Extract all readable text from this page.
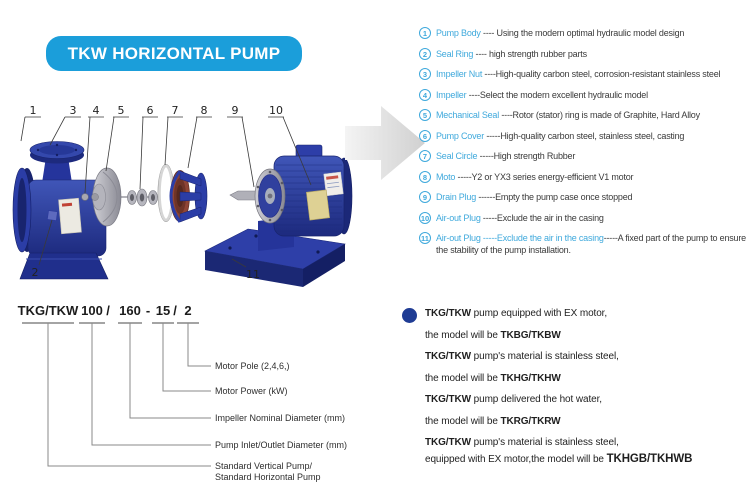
TKW HORIZONTAL PUMP
1	3 4 5 6 7 8 9	10
2	11
1 Pump Body ---- Using the modern optimal hydraulic model design
2 Seal Ring ---- high strength rubber parts
3 Impeller Nut ----High-quality carbon steel, corrosion-resistant stainless steel
4 Impeller ----Select the modern excellent hydraulic model
5 Mechanical Seal ----Rotor (stator) ring is made of Graphite, Hard Alloy
6 Pump Cover -----High-quality carbon steel, stainless steel, casting
7 Seal Circle -----High strength Rubber
8 Moto -----Y2 or YX3 series energy-efficient V1 motor
9 Drain Plug ------Empty the pump case once stopped
10 Air-out Plug -----Exclude the air in the casing
11 Air-out Plug -----Exclude the air in the casing-----A fixed part of the pump to ensure the stability of the pump installation.
TKG/TKW 100 / 160 - 15 / 2
Motor Pole (2,4,6,)
Motor Power (kW)
Impeller Nominal Diameter (mm)
Pump Inlet/Outlet Diameter (mm)
Standard Vertical Pump/
Standard Horizontal Pump
TKG/TKW pump equipped with EX motor,
the model will be TKBG/TKBW
TKG/TKW pump's material is stainless steel,
the model will be TKHG/TKHW
TKG/TKW pump delivered the hot water,
the model will be TKRG/TKRW
TKG/TKW pump's material is stainless steel,
equipped with EX motor,the model will be TKHGB/TKHWB
